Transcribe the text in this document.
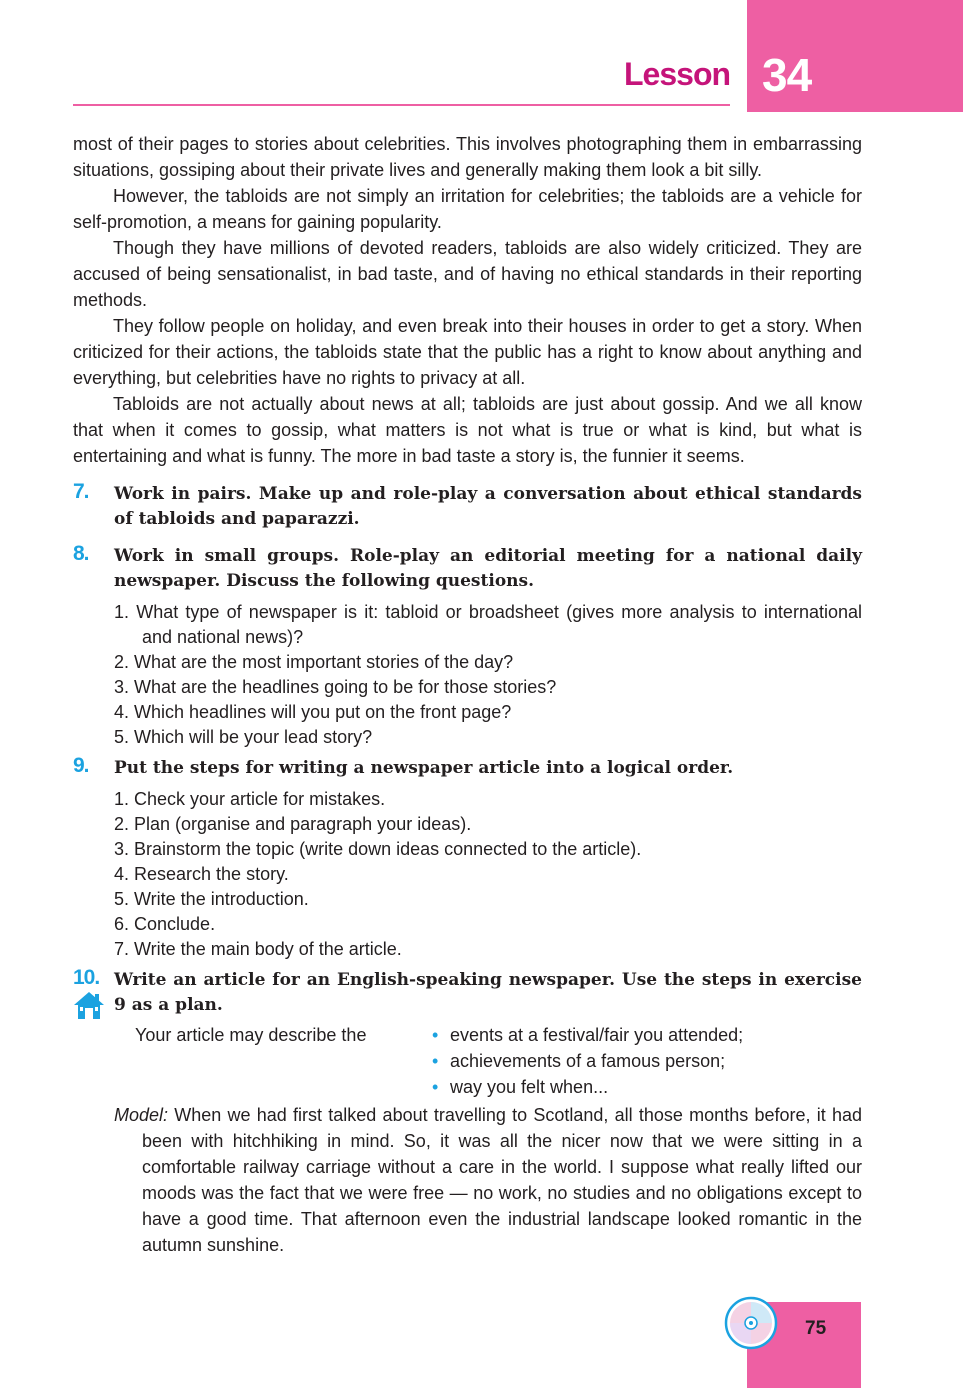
Lesson 34

most of their pages to stories about celebrities. This involves photographing them in embarrassing situations, gossiping about their private lives and generally making them look a bit silly.

However, the tabloids are not simply an irritation for celebrities; the tabloids are a vehicle for self-promotion, a means for gaining popularity.

Though they have millions of devoted readers, tabloids are also widely criticized. They are accused of being sensationalist, in bad taste, and of having no ethical standards in their reporting methods.

They follow people on holiday, and even break into their houses in order to get a story. When criticized for their actions, the tabloids state that the public has a right to know about anything and everything, but celebrities have no rights to privacy at all.

Tabloids are not actually about news at all; tabloids are just about gossip. And we all know that when it comes to gossip, what matters is not what is true or what is kind, but what is entertaining and what is funny. The more in bad taste a story is, the funnier it seems.

7. Work in pairs. Make up and role-play a conversation about ethical standards of tabloids and paparazzi.
8. Work in small groups. Role-play an editorial meeting for a national daily newspaper. Discuss the following questions.
1. What type of newspaper is it: tabloid or broadsheet (gives more analysis to international and national news)?
2. What are the most important stories of the day?
3. What are the headlines going to be for those stories?
4. Which headlines will you put on the front page?
5. Which will be your lead story?
9. Put the steps for writing a newspaper article into a logical order.
1. Check your article for mistakes.
2. Plan (organise and paragraph your ideas).
3. Brainstorm the topic (write down ideas connected to the article).
4. Research the story.
5. Write the introduction.
6. Conclude.
7. Write the main body of the article.
10. Write an article for an English-speaking newspaper. Use the steps in exercise 9 as a plan.
Your article may describe the
•	events at a festival/fair you attended;
• achievements of a famous person;
• way you felt when...

Model: When we had first talked about travelling to Scotland, all those months before, it had been with hitchhiking in mind. So, it was all the nicer now that we were sitting in a comfortable railway carriage without a care in the world. I suppose what really lifted our moods was the fact that we were free — no work, no studies and no obligations except to have a good time. That afternoon even the industrial landscape looked romantic in the autumn sunshine.

75
